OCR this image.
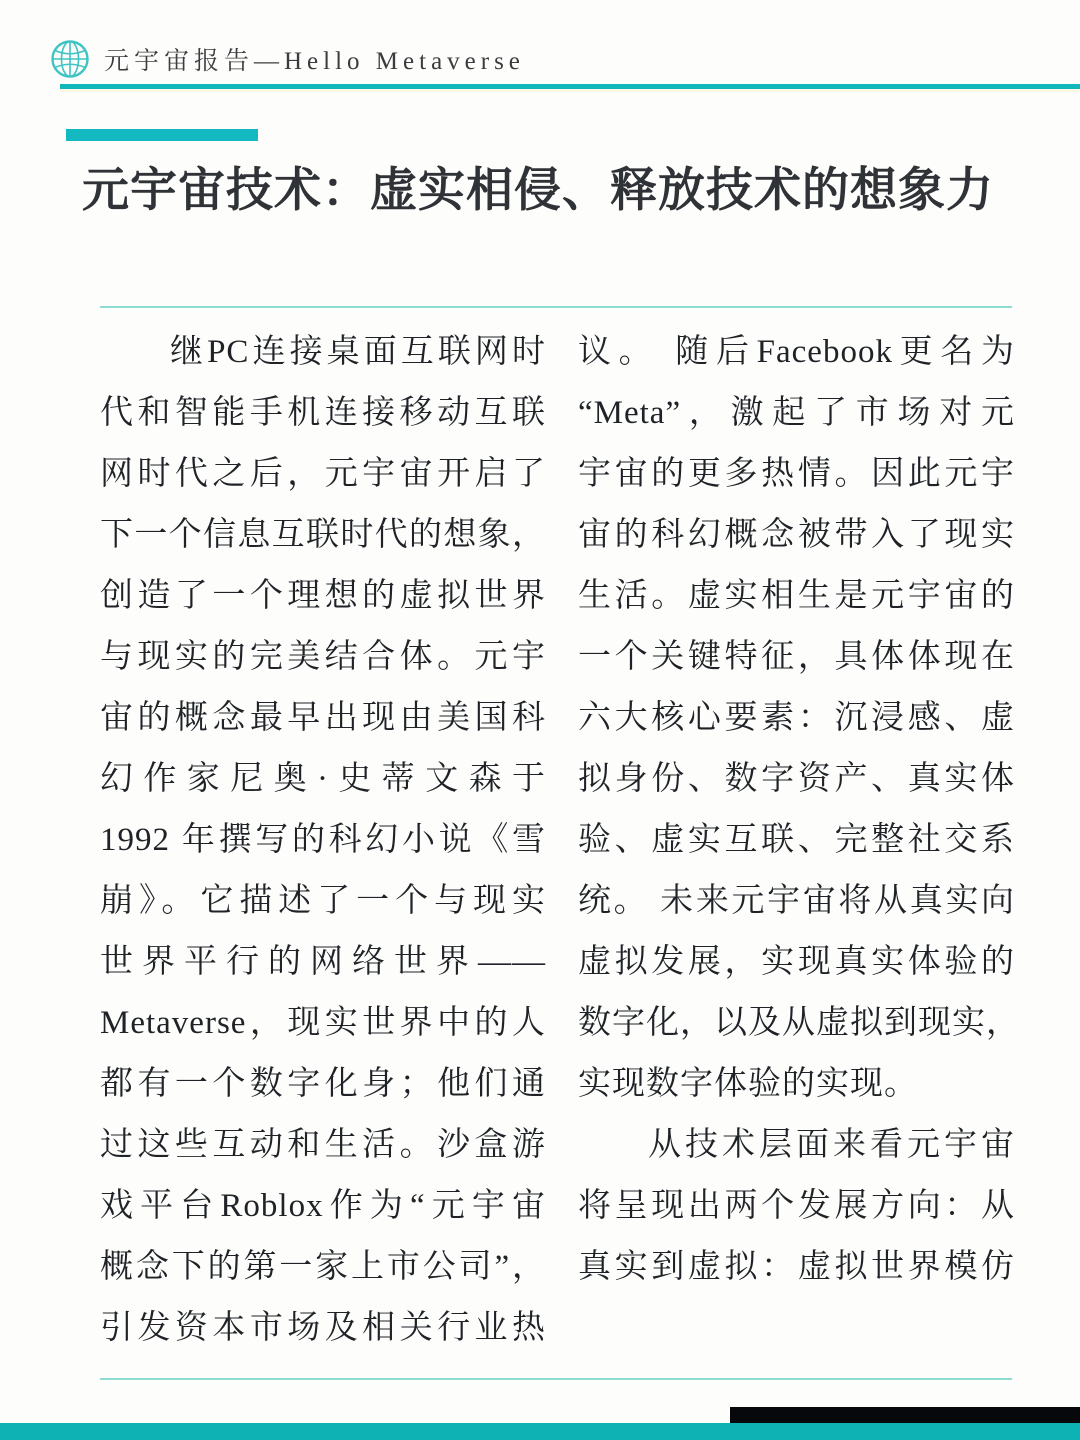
元宇宙报告—Hello Metaverse
元宇宙技术：虚实相侵、释放技术的想象力
继PC连接桌面互联网时
代和智能手机连接移动互联
网时代之后，元宇宙开启了
下一个信息互联时代的想象，
创造了一个理想的虚拟世界
与现实的完美结合体。元宇
宙的概念最早出现由美国科
幻作家尼奥·史蒂文森于
1992 年撰写的科幻小说《雪
崩》。它描述了一个与现实
世界平行的网络世界——
Metaverse，现实世界中的人
都有一个数字化身；他们通
过这些互动和生活。沙盒游
戏平台Roblox作为“元宇宙
概念下的第一家上市公司”，
引发资本市场及相关行业热
议。 随后Facebook更名为
“Meta”，激起了市场对元
宇宙的更多热情。因此元宇
宙的科幻概念被带入了现实
生活。虚实相生是元宇宙的
一个关键特征，具体体现在
六大核心要素：沉浸感、虚
拟身份、数字资产、真实体
验、虚实互联、完整社交系
统。 未来元宇宙将从真实向
虚拟发展，实现真实体验的
数字化，以及从虚拟到现实，
实现数字体验的实现。
从技术层面来看元宇宙
将呈现出两个发展方向：从
真实到虚拟：虚拟世界模仿
